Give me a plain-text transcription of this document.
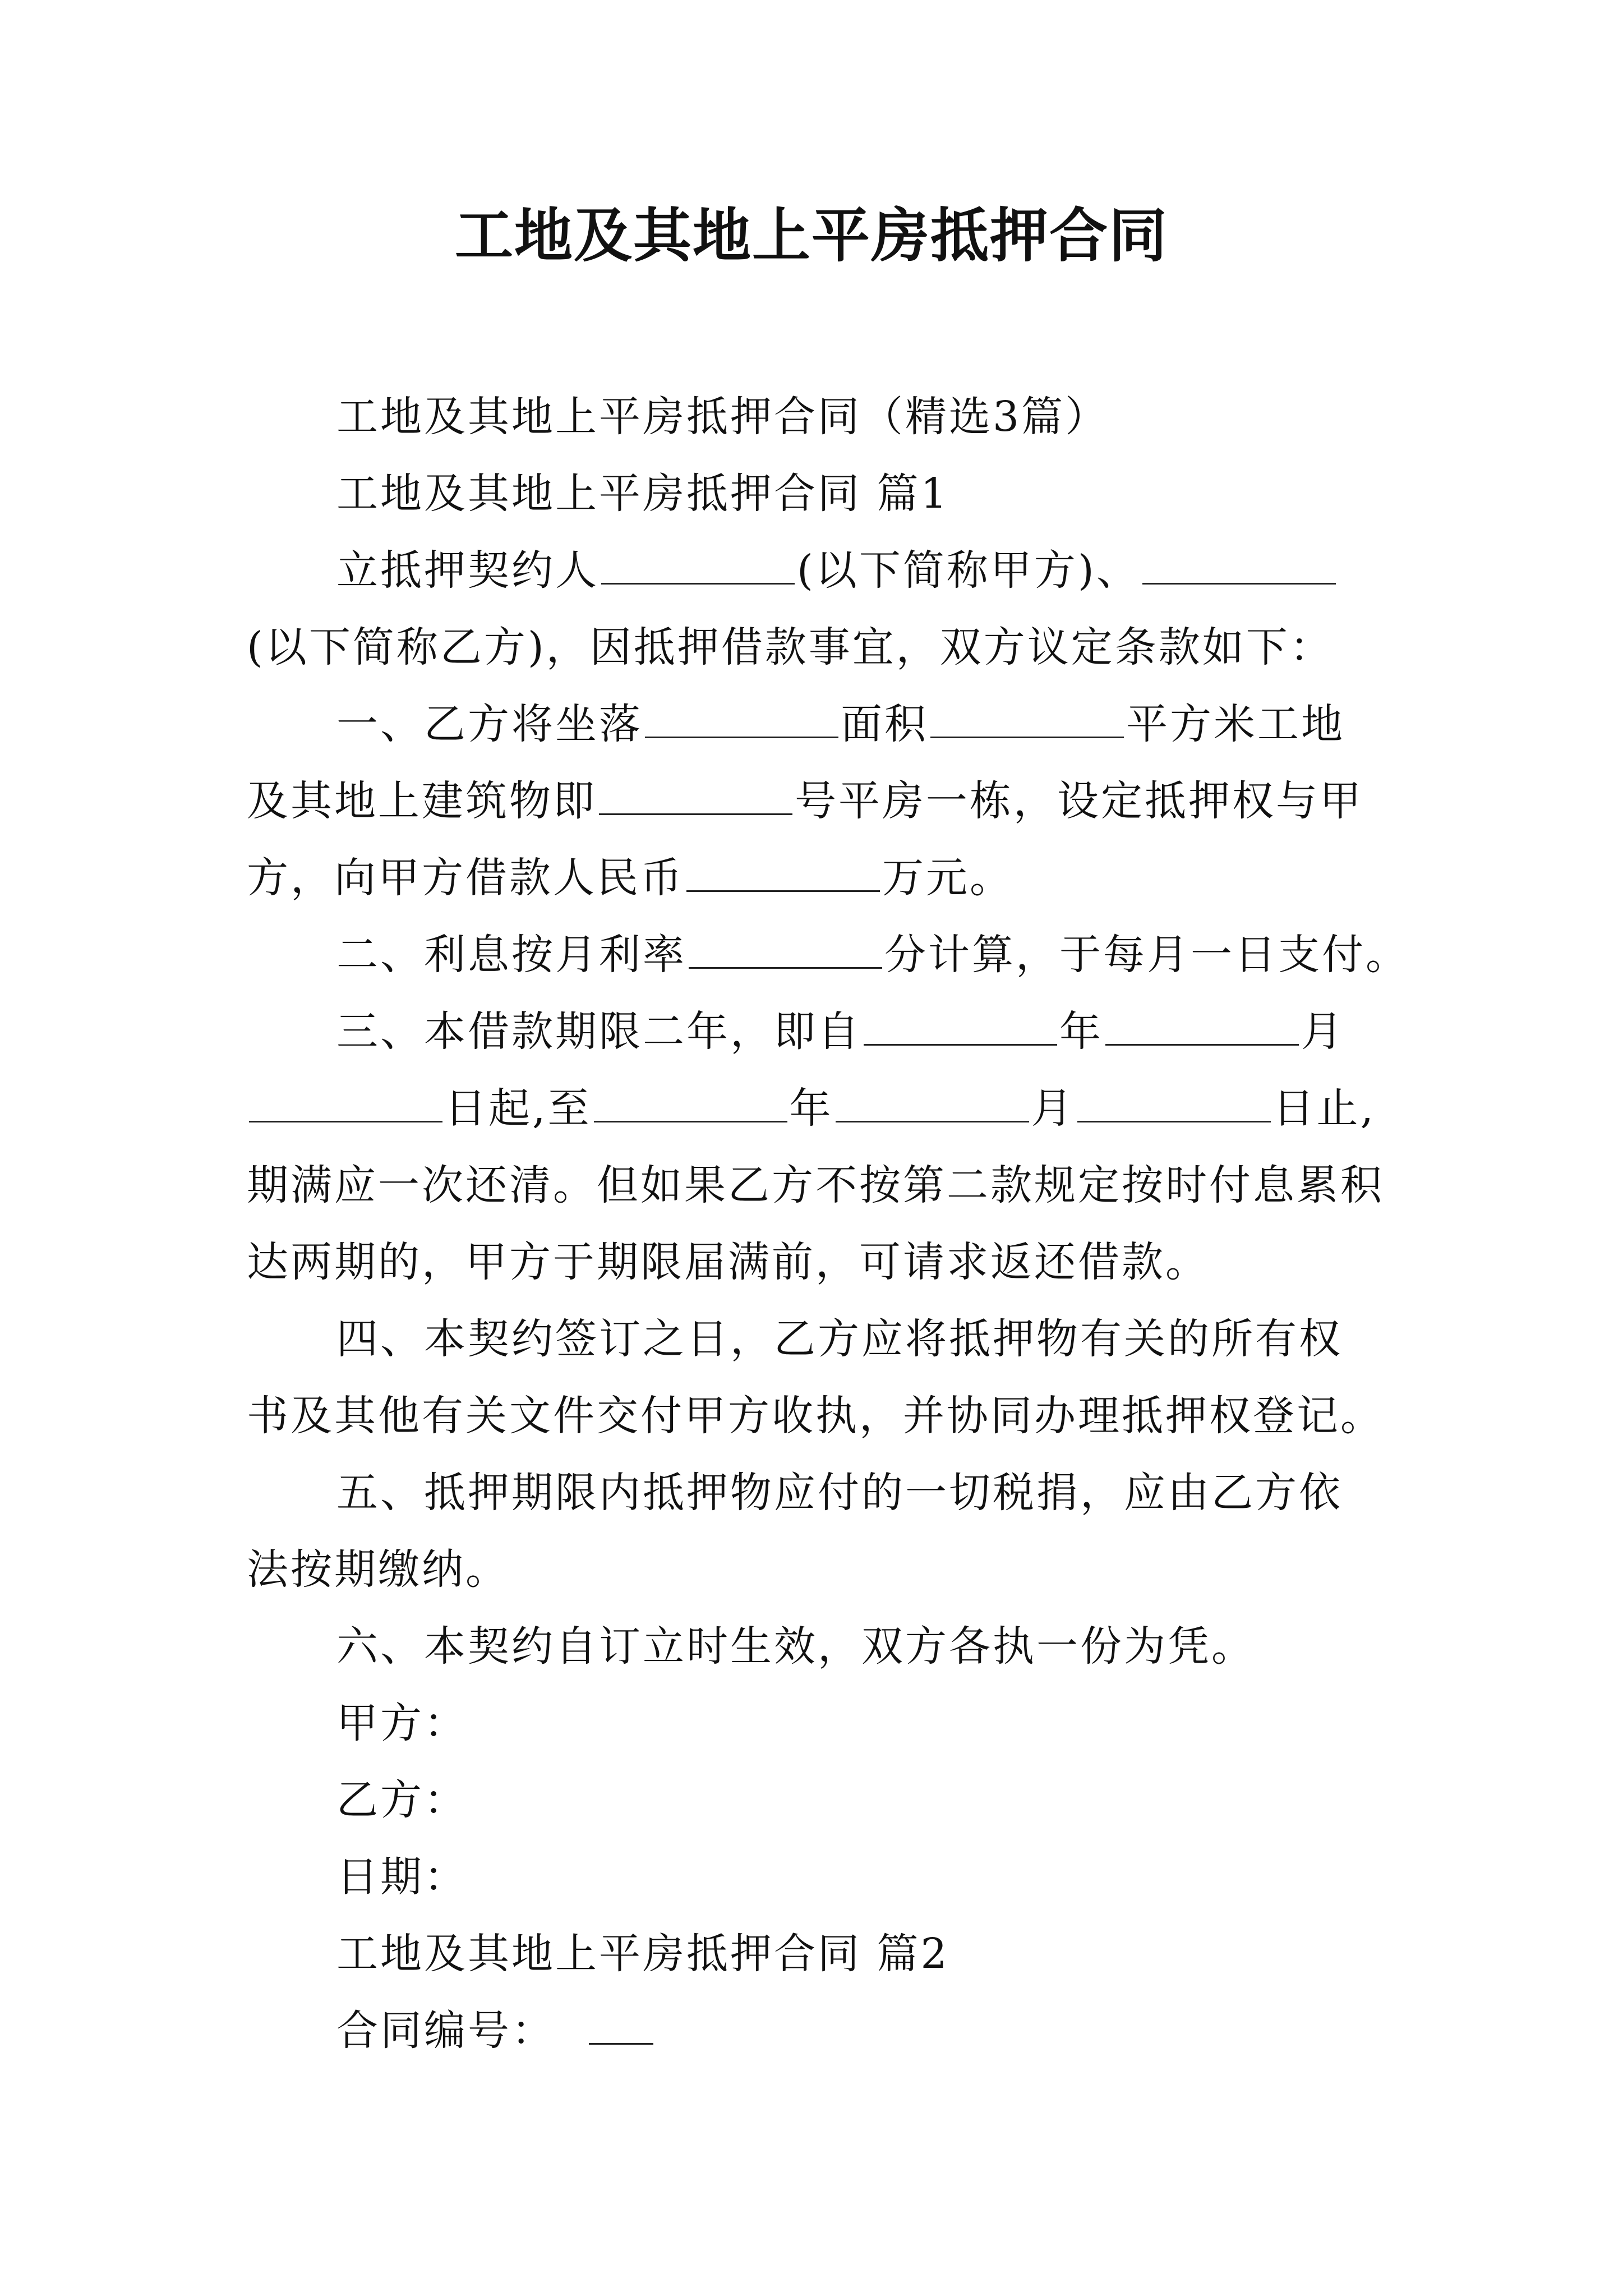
工地及其地上平房抵押合同

工地及其地上平房抵押合同（精选3篇）

工地及其地上平房抵押合同 篇1

立抵押契约人	(以下简称甲方)、(以下简称乙方)，因抵押借款事宜，双方议定条款如下：

一、乙方将坐落	面积	平方米工地及其地上建筑物即	号平房一栋，设定抵押权与甲方，向甲方借款人民币	万元。

二、利息按月利率	分计算，于每月一日支付。

三、本借款期限二年，即自	年	月日起,至	年	月	日止,期满应一次还清。但如果乙方不按第二款规定按时付息累积达两期的，甲方于期限届满前，可请求返还借款。

四、本契约签订之日，乙方应将抵押物有关的所有权书及其他有关文件交付甲方收执，并协同办理抵押权登记。

五、抵押期限内抵押物应付的一切税捐，应由乙方依法按期缴纳。

六、本契约自订立时生效，双方各执一份为凭。

甲方：

乙方：

日期：

工地及其地上平房抵押合同 篇2

合同编号：
